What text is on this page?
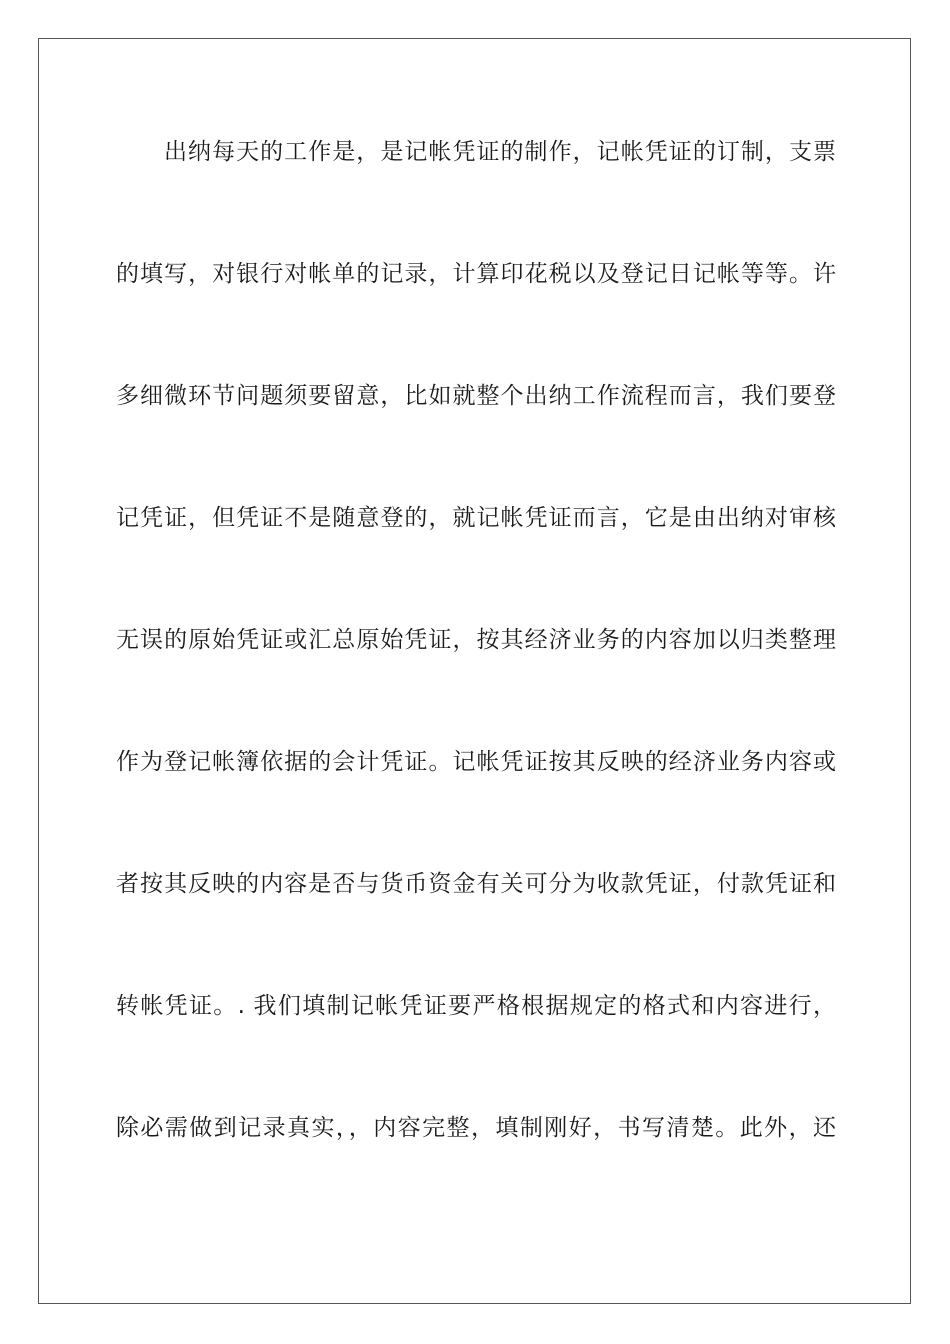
出纳每天的工作是，是记帐凭证的制作，记帐凭证的订制，支票
的填写，对银行对帐单的记录，计算印花税以及登记日记帐等等。许
多细微环节问题须要留意，比如就整个出纳工作流程而言，我们要登
记凭证，但凭证不是随意登的，就记帐凭证而言，它是由出纳对审核
无误的原始凭证或汇总原始凭证，按其经济业务的内容加以归类整理
作为登记帐簿依据的会计凭证。记帐凭证按其反映的经济业务内容或
者按其反映的内容是否与货币资金有关可分为收款凭证，付款凭证和
转帐凭证。. 我们填制记帐凭证要严格根据规定的格式和内容进行，
除必需做到记录真实，，内容完整，填制刚好，书写清楚。此外，还
